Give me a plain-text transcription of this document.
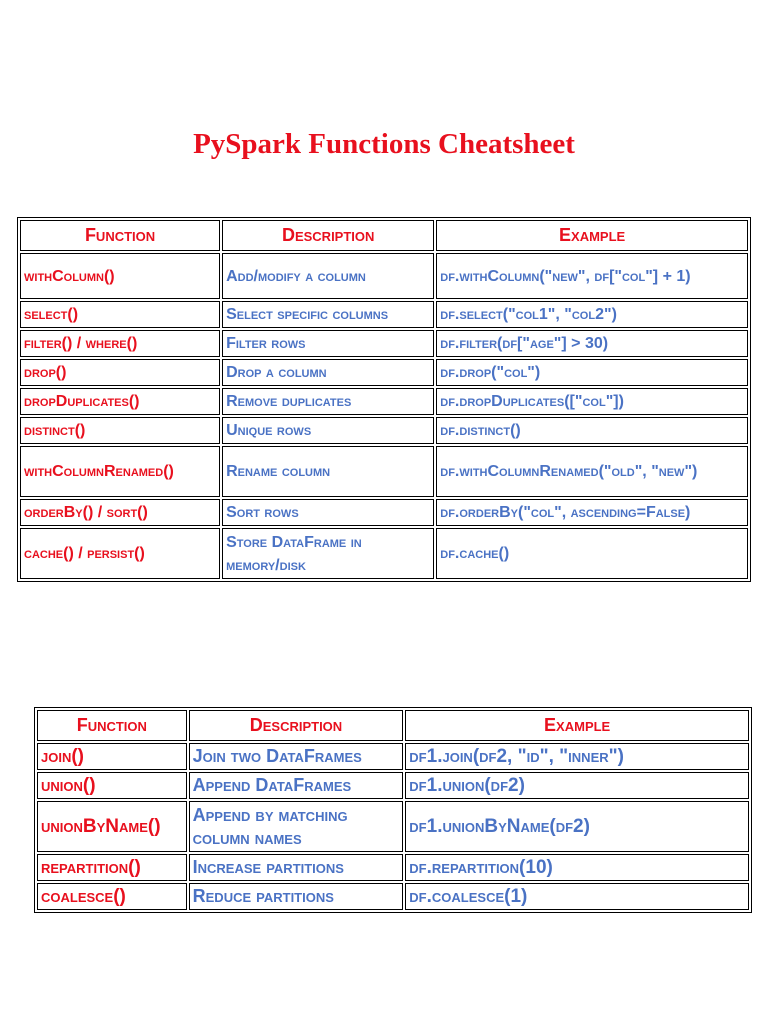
PySpark Functions Cheatsheet
Function	Description	Example
withColumn()	Add/modify a column	df.withColumn("new", df["col"] + 1)
select()	Select specific columns	df.select("col1", "col2")
filter() / where()	Filter rows	df.filter(df["age"] > 30)
drop()	Drop a column	df.drop("col")
dropDuplicates()	Remove duplicates	df.dropDuplicates(["col"])
distinct()	Unique rows	df.distinct()
withColumnRenamed()	Rename column	df.withColumnRenamed("old", "new")
orderBy() / sort()	Sort rows	df.orderBy("col", ascending=False)
cache() / persist()	Store DataFrame in memory/disk	df.cache()
Function	Description	Example
join()	Join two DataFrames	df1.join(df2, "id", "inner")
union()	Append DataFrames	df1.union(df2)
unionByName()	Append by matching column names	df1.unionByName(df2)
repartition()	Increase partitions	df.repartition(10)
coalesce()	Reduce partitions	df.coalesce(1)
